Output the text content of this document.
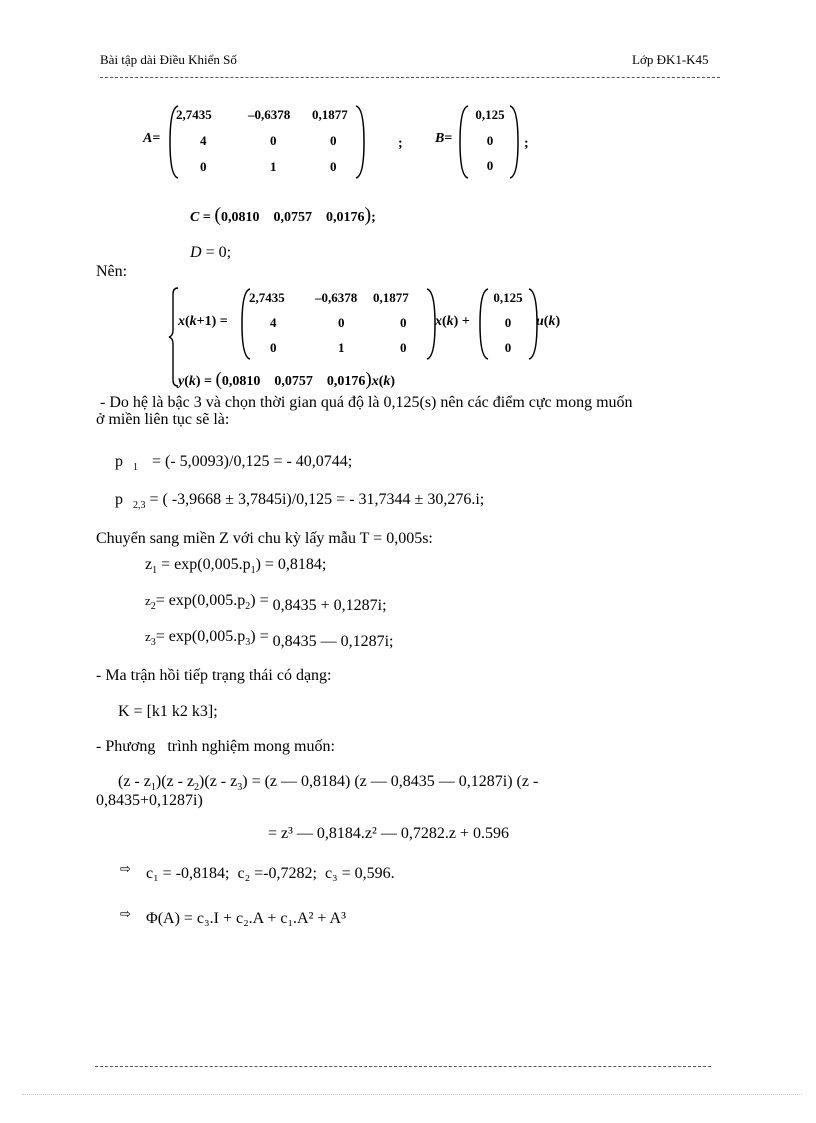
Bài tập dài Điều Khiển Số	Lớp ĐK1-K45
A=
2,7435	–0,6378 0,1877
4	0	0
0	1	0
; B=
0,125
0
0
;
C = (0,0810    0,0757    0,0176);
D = 0;
Nên:
x(k+1) =
2,7435 –0,6378 0,1877
4	0	0
0	1	0
x(k) +
0,125
0
0
u(k)
y(k) = (0,0810    0,0757    0,0176)x(k)
- Do hệ là bậc 3 và chọn thời gian quá độ là 0,125(s) nên các điểm cực mong muốn
ở miền liên tục sẽ là:
p $_1$ = (- 5,0093)/0,125 = - 40,0744;
p $_{2,3}$ = ( -3,9668 ± 3,7845i)/0,125 = - 31,7344 ± 30,276.i;
Chuyển sang miền Z với chu kỳ lấy mẫu T = 0,005s:
$z_1 = \exp(0,005.p_1) = 0,8184$;
$z_2= \exp(0,005.p_2) = 0,8435 + 0,1287i$;
$z_3= \exp(0,005.p_3) = 0,8435$ — 0,1287i;
- Ma trận hồi tiếp trạng thái có dạng:
K = [k1 k2 k3];
- Phương   trình nghiệm mong muốn:
$(z - z_1)(z - z_2)(z - z_3) = (z$ — 0,8184) (z — 0,8435 — 0,1287i) (z -
0,8435+0,1287i)
= z³ — 0,8184.z² — 0,7282.z + 0.596
⇨ c₁ = -0,8184;  c₂ =-0,7282;  c₃ = 0,596.
⇨ Φ(A) = c₃.I + c₂.A + c₁.A² + A³
